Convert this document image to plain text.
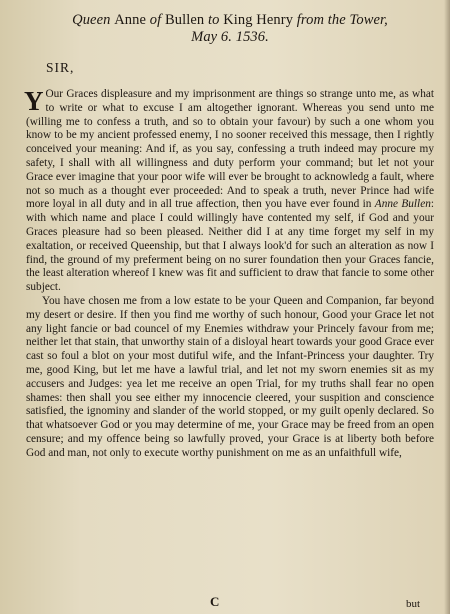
Queen Anne of Bullen to King Henry from the Tower,
May 6. 1536.
SIR,

Y Our Graces displeasure and my imprisonment are things so strange unto me, as what to write or what to excuse I am altogether ignorant. Whereas you send unto me (willing me to confess a truth, and so to obtain your favour) by such a one whom you know to be my ancient professed enemy, I no sooner received this message, then I rightly conceived your meaning: And if, as you say, confessing a truth indeed may procure my safety, I shall with all willingness and duty perform your command; but let not your Grace ever imagine that your poor wife will ever be brought to acknowledg a fault, where not so much as a thought ever proceeded: And to speak a truth, never Prince had wife more loyal in all duty and in all true affection, then you have ever found in Anne Bullen: with which name and place I could willingly have contented my self, if God and your Graces pleasure had so been pleased. Neither did I at any time forget my self in my exaltation, or received Queenship, but that I always look'd for such an alteration as now I find, the ground of my preferment being on no surer foundation then your Graces fancie, the least alteration whereof I knew was fit and sufficient to draw that fancie to some other subject.

You have chosen me from a low estate to be your Queen and Companion, far beyond my desert or desire. If then you find me worthy of such honour, Good your Grace let not any light fancie or bad councel of my Enemies withdraw your Princely favour from me; neither let that stain, that unworthy stain of a disloyal heart towards your good Grace ever cast so foul a blot on your most dutiful wife, and the Infant-Princess your daughter. Try me, good King, but let me have a lawful trial, and let not my sworn enemies sit as my accusers and Judges: yea let me receive an open Trial, for my truths shall fear no open shames: then shall you see either my innocencie cleered, your suspition and conscience satisfied, the ignominy and slander of the world stopped, or my guilt openly declared. So that whatsoever God or you may determine of me, your Grace may be freed from an open censure; and my offence being so lawfully proved, your Grace is at liberty both before God and man, not only to execute worthy punishment on me as an unfaithfull wife,

C	but
